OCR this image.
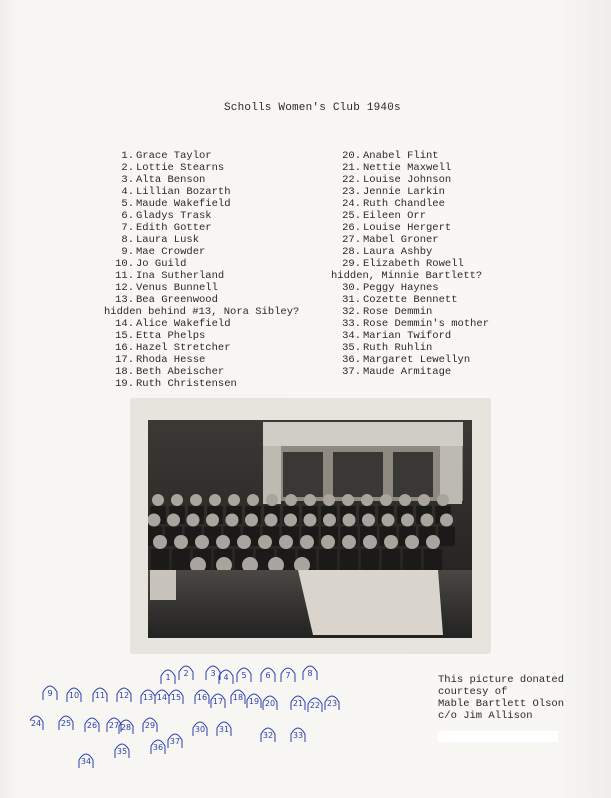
Scholls Women's Club 1940s
1. Grace Taylor
2. Lottie Stearns
3. Alta Benson
4. Lillian Bozarth
5. Maude Wakefield
6. Gladys Trask
7. Edith Gotter
8. Laura Lusk
9. Mae Crowder
10. Jo Guild
11. Ina Sutherland
12. Venus Bunnell
13. Bea Greenwood
hidden behind #13, Nora Sibley?
14. Alice Wakefield
15. Etta Phelps
16. Hazel Stretcher
17. Rhoda Hesse
18. Beth Abeischer
19. Ruth Christensen
20. Anabel Flint
21. Nettie Maxwell
22. Louise Johnson
23. Jennie Larkin
24. Ruth Chandlee
25. Eileen Orr
26. Louise Hergert
27. Mabel Groner
28. Laura Ashby
29. Elizabeth Rowell
hidden, Minnie Bartlett?
30. Peggy Haynes
31. Cozette Bennett
32. Rose Demmin
33. Rose Demmin's mother
34. Marian Twiford
35. Ruth Ruhlin
36. Margaret Lewellyn
37. Maude Armitage
1 2	3 4 5 6 7 8
9 10 11 12 13 14 15 16 17 18 19 20 21 22 23
24 25 26 27 28 29	30 31
32 33
34
35	36
37
This picture donated
courtesy of
Mable Bartlett Olson
c/o Jim Allison
